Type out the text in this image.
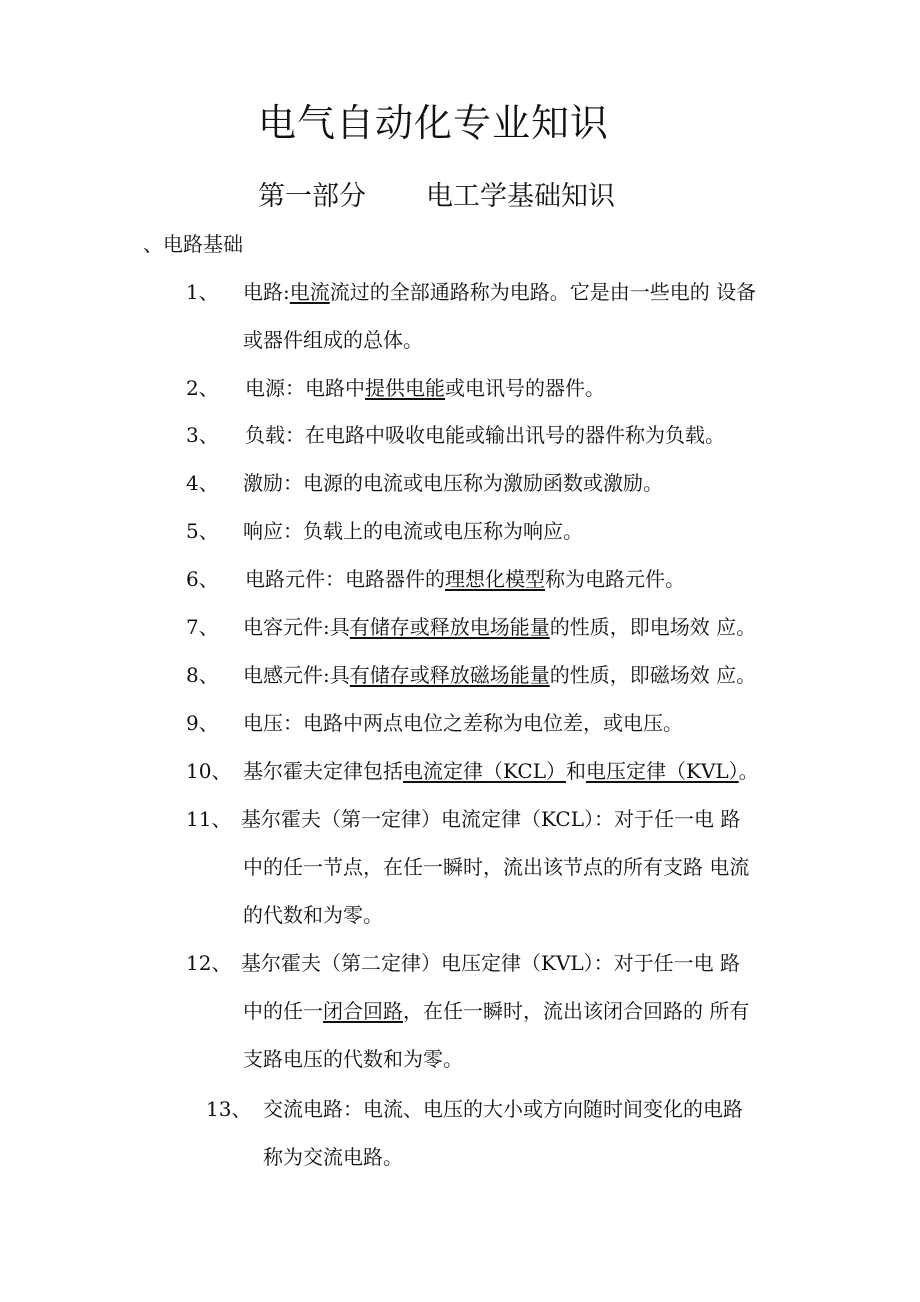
电气自动化专业知识
第一部分 电工学基础知识
、电路基础
1、 电路:电流流过的全部通路称为电路。它是由一些电的 设备
或器件组成的总体。
2、 电源：电路中提供电能或电讯号的器件。
3、 负载：在电路中吸收电能或输出讯号的器件称为负载。
4、 激励：电源的电流或电压称为激励函数或激励。
5、 响应：负载上的电流或电压称为响应。
6、 电路元件：电路器件的理想化模型称为电路元件。
7、 电容元件:具有储存或释放电场能量的性质，即电场效 应。
8、 电感元件:具有储存或释放磁场能量的性质，即磁场效 应。
9、 电压：电路中两点电位之差称为电位差，或电压。
10、 基尔霍夫定律包括电流定律（KCL）和电压定律（KVL）。
11、 基尔霍夫（第一定律）电流定律（KCL）：对于任一电 路
中的任一节点，在任一瞬时，流出该节点的所有支路 电流
的代数和为零。
12、 基尔霍夫（第二定律）电压定律（KVL）：对于任一电 路
中的任一闭合回路，在任一瞬时，流出该闭合回路的 所有
支路电压的代数和为零。
13、 交流电路：电流、电压的大小或方向随时间变化的电路
称为交流电路。
